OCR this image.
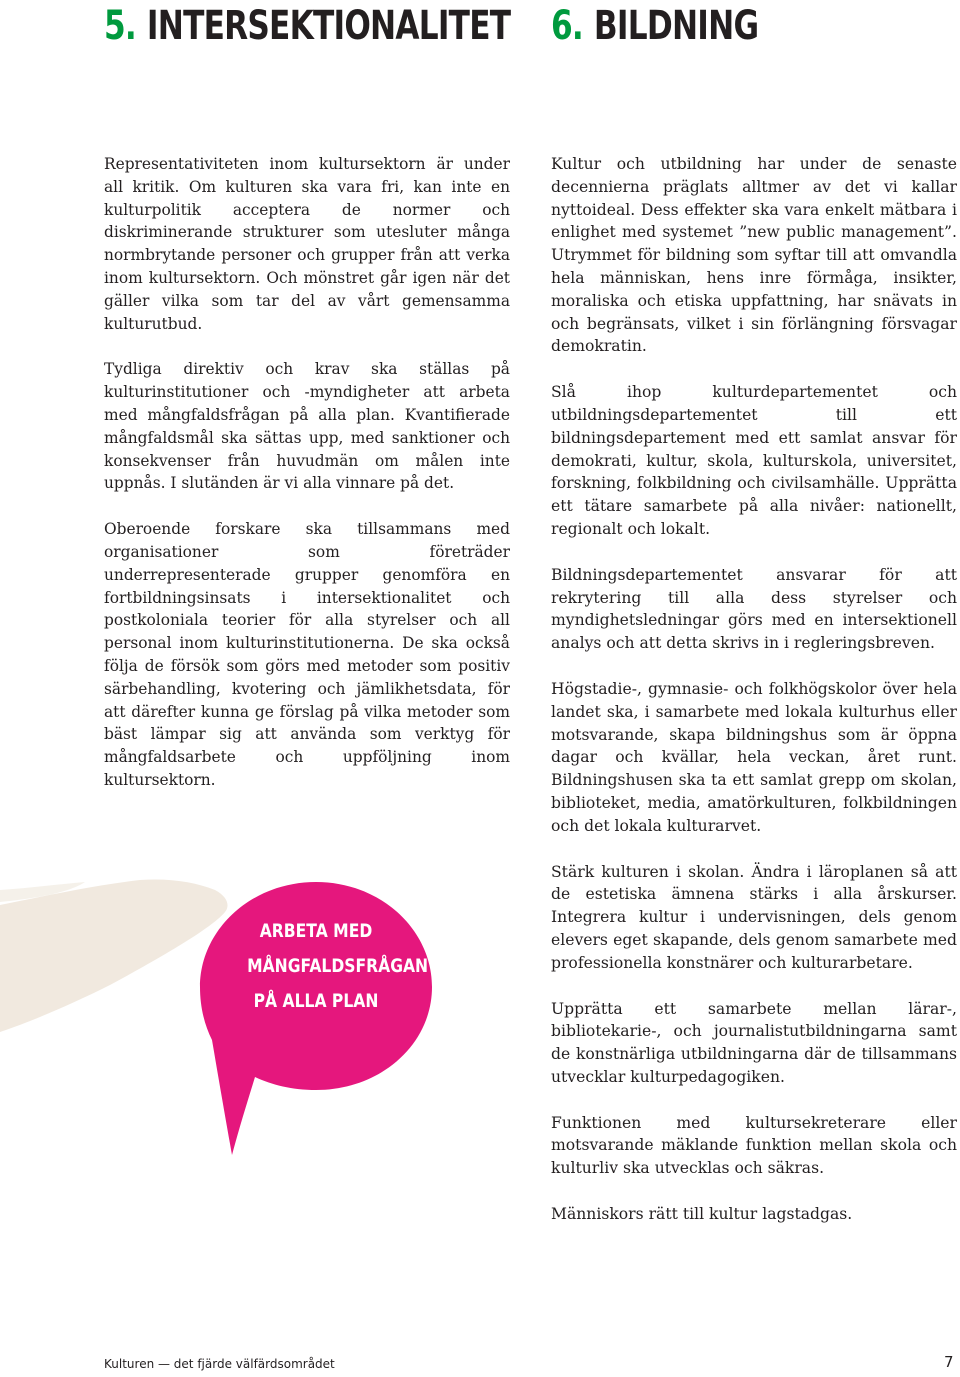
5. INTERSEKTIONALITET 6. BILDNING

Representativiteten inom kultursektorn är under all kritik. Om kulturen ska vara fri, kan inte en kulturpolitik acceptera de normer och diskriminerande strukturer som utesluter många normbrytande personer och grupper från att verka inom kultursektorn. Och mönstret går igen när det gäller vilka som tar del av vårt gemensamma kulturutbud.

Tydliga direktiv och krav ska ställas på kulturinstitutioner och -myndigheter att arbeta med mångfaldsfrågan på alla plan. Kvantifierade mångfaldsmål ska sättas upp, med sanktioner och konsekvenser från huvudmän om målen inte uppnås. I slutänden är vi alla vinnare på det.

Oberoende forskare ska tillsammans med organisationer som företräder underrepresenterade grupper genomföra en fortbildningsinsats i intersektionalitet och postkoloniala teorier för alla styrelser och all personal inom kulturinstitutionerna. De ska också följa de försök som görs med metoder som positiv särbehandling, kvotering och jämlikhetsdata, för att därefter kunna ge förslag på vilka metoder som bäst lämpar sig att använda som verktyg för mångfaldsarbete och uppföljning inom kultursektorn.

Kultur och utbildning har under de senaste decennierna präglats alltmer av det vi kallar nyttoideal. Dess effekter ska vara enkelt mätbara i enlighet med systemet ”new public management”. Utrymmet för bildning som syftar till att omvandla hela människan, hens inre förmåga, insikter, moraliska och etiska uppfattning, har snävats in och begränsats, vilket i sin förlängning försvagar demokratin.

Slå ihop kulturdepartementet och utbildningsdepartementet till ett bildningsdepartement med ett samlat ansvar för demokrati, kultur, skola, kulturskola, universitet, forskning, folkbildning och civilsamhälle. Upprätta ett tätare samarbete på alla nivåer: nationellt, regionalt och lokalt.

Bildningsdepartementet ansvarar för att rekrytering till alla dess styrelser och myndighetsledningar görs med en intersektionell analys och att detta skrivs in i regleringsbreven.

Högstadie-, gymnasie- och folkhögskolor över hela landet ska, i samarbete med lokala kulturhus eller motsvarande, skapa bildningshus som är öppna dagar och kvällar, hela veckan, året runt. Bildningshusen ska ta ett samlat grepp om skolan, biblioteket, media, amatörkulturen, folkbildningen och det lokala kulturarvet.

Stärk kulturen i skolan. Ändra i läroplanen så att de estetiska ämnena stärks i alla årskurser. Integrera kultur i undervisningen, dels genom elevers eget skapande, dels genom samarbete med professionella konstnärer och kulturarbetare.

Upprätta ett samarbete mellan lärar-, bibliotekarie-, och journalistutbildningarna samt de konstnärliga utbildningarna där de tillsammans utvecklar kulturpedagogiken.

Funktionen med kultursekreterare eller motsvarande mäklande funktion mellan skola och kulturliv ska utvecklas och säkras.

Människors rätt till kultur lagstadgas.

ARBETA MED
MÅNGFALDSFRÅGAN
PÅ ALLA PLAN
Kulturen — det fjärde välfärdsområdet	7
